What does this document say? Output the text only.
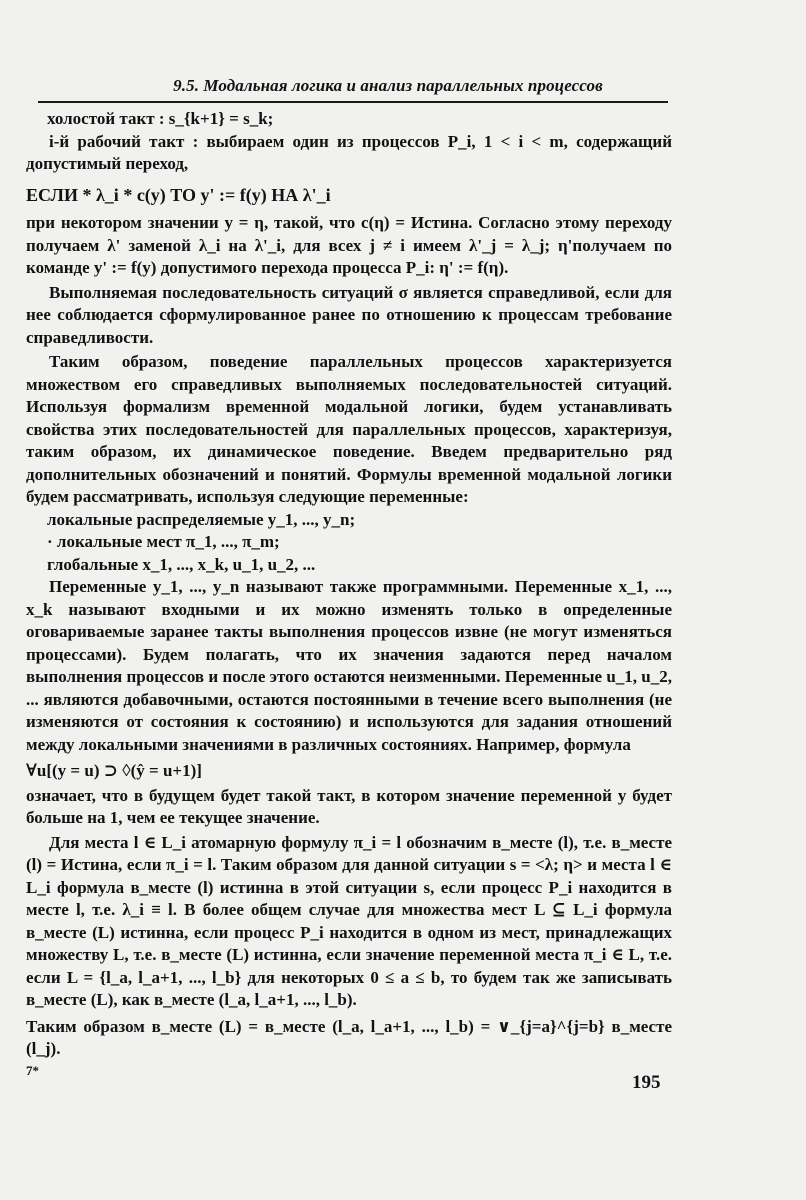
9.5. Модальная логика и анализ параллельных процессов

холостой такт : s_{k+1} = s_k;

i-й рабочий такт : выбираем один из процессов P_i, 1 < i < m, содержащий допустимый переход,

ЕСЛИ * λ_i * c(y) ТО y' := f(y) НА λ'_i

при некотором значении y = η, такой, что c(η) = Истина. Согласно этому переходу получаем λ' заменой λ_i на λ'_i, для всех j ≠ i имеем λ'_j = λ_j; η'получаем по команде y' := f(y) допустимого перехода процесса P_i: η' := f(η).

Выполняемая последовательность ситуаций σ является справедливой, если для нее соблюдается сформулированное ранее по отношению к процессам требование справедливости.

Таким образом, поведение параллельных процессов характеризуется множеством его справедливых выполняемых последовательностей ситуаций. Используя формализм временной модальной логики, будем устанавливать свойства этих последовательностей для параллельных процессов, характеризуя, таким образом, их динамическое поведение. Введем предварительно ряд дополнительных обозначений и понятий. Формулы временной модальной логики будем рассматривать, используя следующие переменные:

локальные распределяемые y_1, ..., y_n;

· локальные мест π_1, ..., π_m;

глобальные x_1, ..., x_k, u_1, u_2, ...

Переменные y_1, ..., y_n называют также программными. Переменные x_1, ..., x_k называют входными и их можно изменять только в определенные оговариваемые заранее такты выполнения процессов извне (не могут изменяться процессами). Будем полагать, что их значения задаются перед началом выполнения процессов и после этого остаются неизменными. Переменные u_1, u_2, ... являются добавочными, остаются постоянными в течение всего выполнения (не изменяются от состояния к состоянию) и используются для задания отношений между локальными значениями в различных состояниях. Например, формула

∀u[(y = u) ⊃ ◊(ŷ = u+1)]

означает, что в будущем будет такой такт, в котором значение переменной y будет больше на 1, чем ее текущее значение.

Для места l ∈ L_i атомарную формулу π_i = l обозначим в_месте (l), т.е. в_месте (l) = Истина, если π_i = l. Таким образом для данной ситуации s = <λ; η> и места l ∈ L_i формула в_месте (l) истинна в этой ситуации s, если процесс P_i находится в месте l, т.е. λ_i ≡ l. В более общем случае для множества мест L ⊆ L_i формула в_месте (L) истинна, если процесс P_i находится в одном из мест, принадлежащих множеству L, т.е. в_месте (L) истинна, если значение переменной места π_i ∈ L, т.е. если L = {l_a, l_a+1, ..., l_b} для некоторых 0 ≤ a ≤ b, то будем так же записывать в_месте (L), как в_месте (l_a, l_a+1, ..., l_b).

Таким образом в_месте (L) = в_месте (l_a, l_a+1, ..., l_b) = ∨_{j=a}^{j=b} в_месте (l_j).

7*
195
